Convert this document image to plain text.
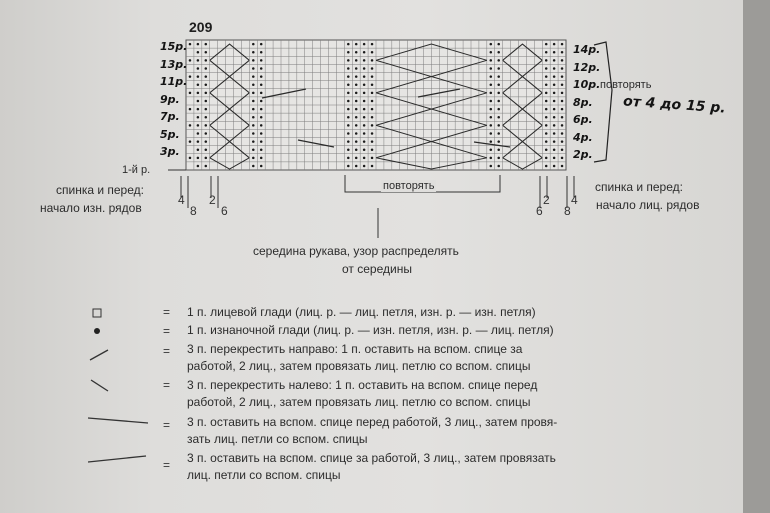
209
15р.
13р.
11р.
9р.
7р.
5р.
3р.
14р.
12р.
10р.
8р.
6р.
4р.
2р.
1-й р.
повторять
от 4 до 15 р.
повторять
спинка и перед:
начало изн. рядов
спинка и перед:
начало лиц. рядов
середина рукава, узор распределять
от середины
4
8
2
6	6
2
8
4
= 1 п. лицевой глади (лиц. р. — лиц. петля, изн. р. — изн. петля)
= 1 п. изнаночной глади (лиц. р. — изн. петля, изн. р. — лиц. петля)
= 3 п. перекрестить направо: 1 п. оставить на вспом. спице за
работой, 2 лиц., затем провязать лиц. петлю со вспом. спицы
= 3 п. перекрестить налево: 1 п. оставить на вспом. спице перед
работой, 2 лиц., затем провязать лиц. петлю со вспом. спицы
= 3 п. оставить на вспом. спице перед работой, 3 лиц., затем провя-
зать лиц. петли со вспом. спицы
= 3 п. оставить на вспом. спице за работой, 3 лиц., затем провязать
лиц. петли со вспом. спицы
